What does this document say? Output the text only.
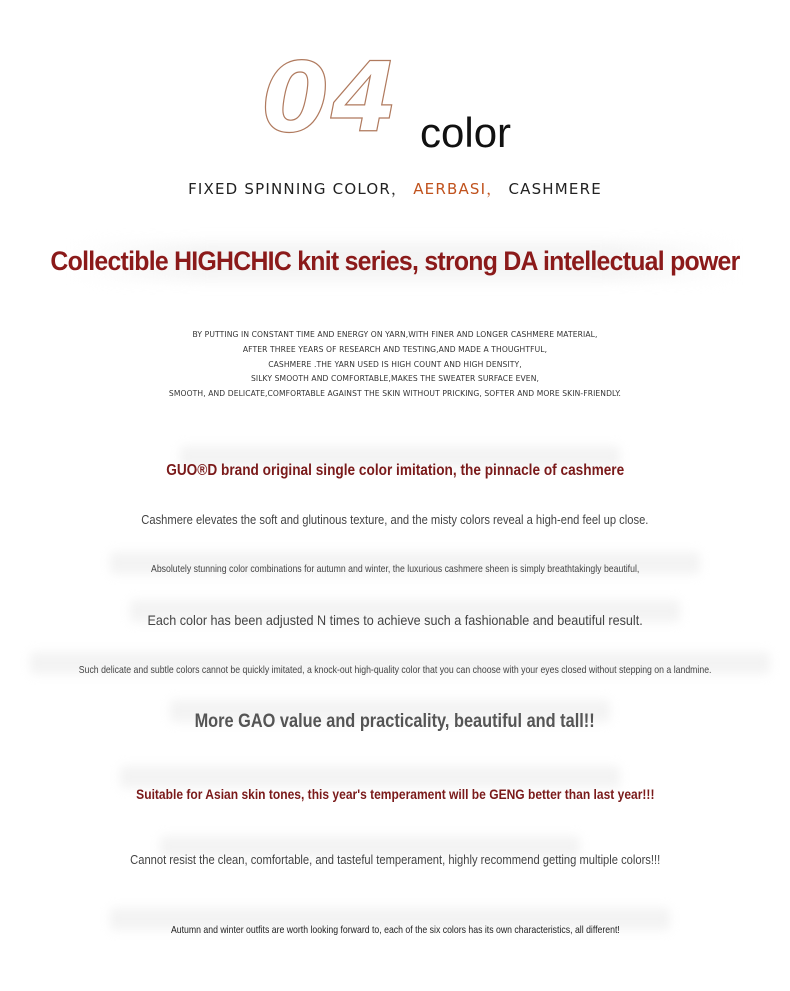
04 color
FIXED SPINNING COLOR， AERBASI， CASHMERE
Collectible HIGHCHIC knit series, strong DA intellectual power
BY PUTTING IN CONSTANT TIME AND ENERGY ON YARN,WITH FINER AND LONGER CASHMERE MATERIAL,
AFTER THREE YEARS OF RESEARCH AND TESTING,AND MADE A THOUGHTFUL,
CASHMERE .THE YARN USED IS HIGH COUNT AND HIGH DENSITY,
SILKY SMOOTH AND COMFORTABLE,MAKES THE SWEATER SURFACE EVEN,
SMOOTH, AND DELICATE,COMFORTABLE AGAINST THE SKIN WITHOUT PRICKING, SOFTER AND MORE SKIN-FRIENDLY.
GUO®D brand original single color imitation, the pinnacle of cashmere
Cashmere elevates the soft and glutinous texture, and the misty colors reveal a high-end feel up close.
Absolutely stunning color combinations for autumn and winter, the luxurious cashmere sheen is simply breathtakingly beautiful,
Each color has been adjusted N times to achieve such a fashionable and beautiful result.
Such delicate and subtle colors cannot be quickly imitated, a knock-out high-quality color that you can choose with your eyes closed without stepping on a landmine.
More GAO value and practicality, beautiful and tall!!
Suitable for Asian skin tones, this year's temperament will be GENG better than last year!!!
Cannot resist the clean, comfortable, and tasteful temperament, highly recommend getting multiple colors!!!
Autumn and winter outfits are worth looking forward to, each of the six colors has its own characteristics, all different!
